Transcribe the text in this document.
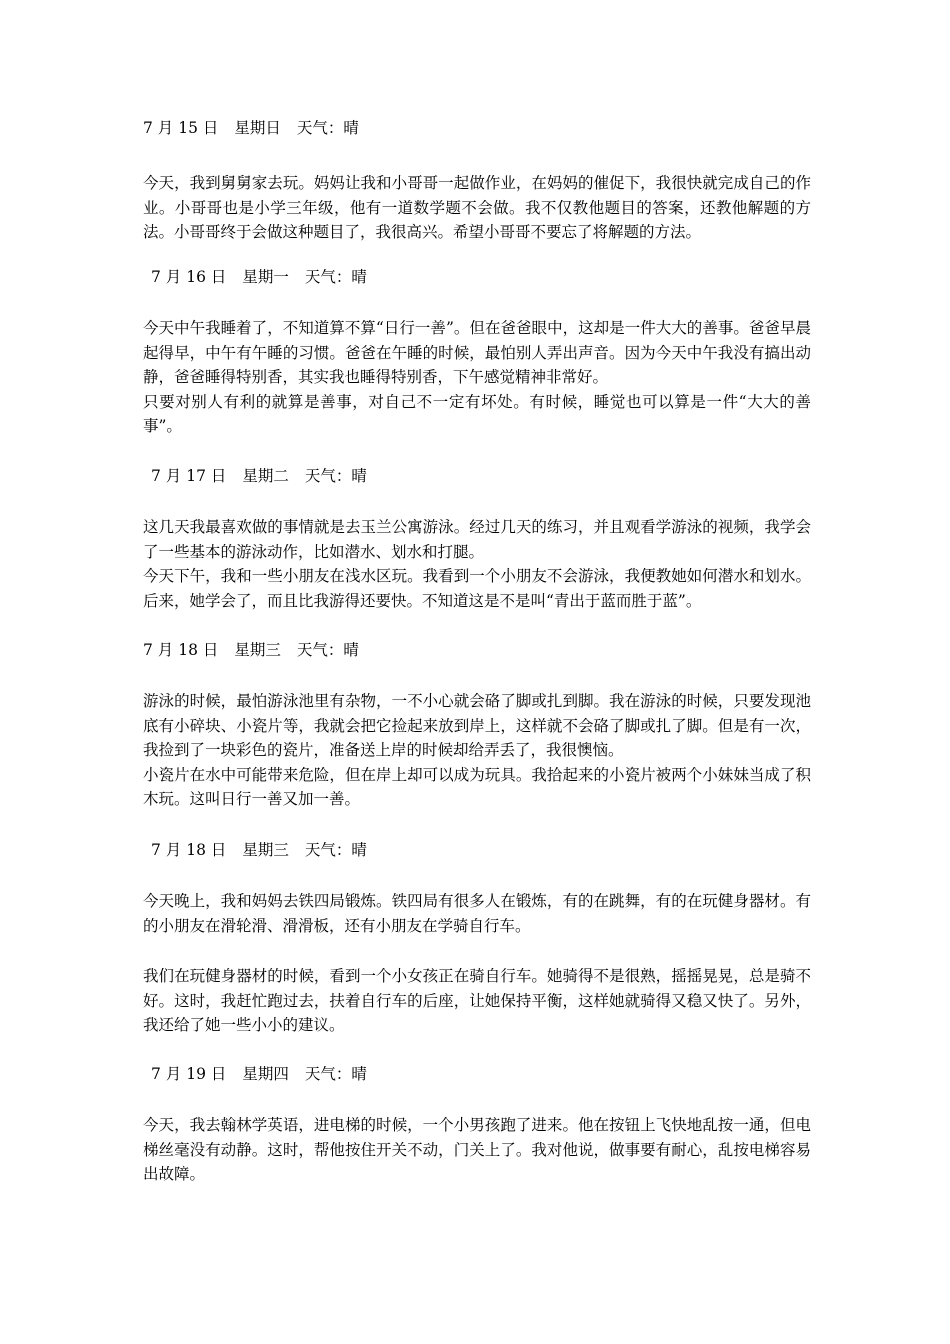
7 月 15 日 星期日 天气：晴

今天，我到舅舅家去玩。妈妈让我和小哥哥一起做作业，在妈妈的催促下，我很快就完成自己的作业。小哥哥也是小学三年级，他有一道数学题不会做。我不仅教他题目的答案，还教他解题的方法。小哥哥终于会做这种题目了，我很高兴。希望小哥哥不要忘了将解题的方法。

7 月 16 日 星期一 天气：晴

今天中午我睡着了，不知道算不算“日行一善”。但在爸爸眼中，这却是一件大大的善事。爸爸早晨起得早，中午有午睡的习惯。爸爸在午睡的时候，最怕别人弄出声音。因为今天中午我没有搞出动静，爸爸睡得特别香，其实我也睡得特别香，下午感觉精神非常好。

只要对别人有利的就算是善事，对自己不一定有坏处。有时候，睡觉也可以算是一件“大大的善事”。

7 月 17 日 星期二 天气：晴

这几天我最喜欢做的事情就是去玉兰公寓游泳。经过几天的练习，并且观看学游泳的视频，我学会了一些基本的游泳动作，比如潜水、划水和打腿。

今天下午，我和一些小朋友在浅水区玩。我看到一个小朋友不会游泳，我便教她如何潜水和划水。后来，她学会了，而且比我游得还要快。不知道这是不是叫“青出于蓝而胜于蓝”。

7 月 18 日 星期三 天气：晴

游泳的时候，最怕游泳池里有杂物，一不小心就会硌了脚或扎到脚。我在游泳的时候，只要发现池底有小碎块、小瓷片等，我就会把它捡起来放到岸上，这样就不会硌了脚或扎了脚。但是有一次，我捡到了一块彩色的瓷片，准备送上岸的时候却给弄丢了，我很懊恼。

小瓷片在水中可能带来危险，但在岸上却可以成为玩具。我拾起来的小瓷片被两个小妹妹当成了积木玩。这叫日行一善又加一善。

7 月 18 日 星期三 天气：晴

今天晚上，我和妈妈去铁四局锻炼。铁四局有很多人在锻炼，有的在跳舞，有的在玩健身器材。有的小朋友在滑轮滑、滑滑板，还有小朋友在学骑自行车。

我们在玩健身器材的时候，看到一个小女孩正在骑自行车。她骑得不是很熟，摇摇晃晃，总是骑不好。这时，我赶忙跑过去，扶着自行车的后座，让她保持平衡，这样她就骑得又稳又快了。另外，我还给了她一些小小的建议。

7 月 19 日 星期四 天气：晴

今天，我去翰林学英语，进电梯的时候，一个小男孩跑了进来。他在按钮上飞快地乱按一通，但电梯丝毫没有动静。这时，帮他按住开关不动，门关上了。我对他说，做事要有耐心，乱按电梯容易出故障。
